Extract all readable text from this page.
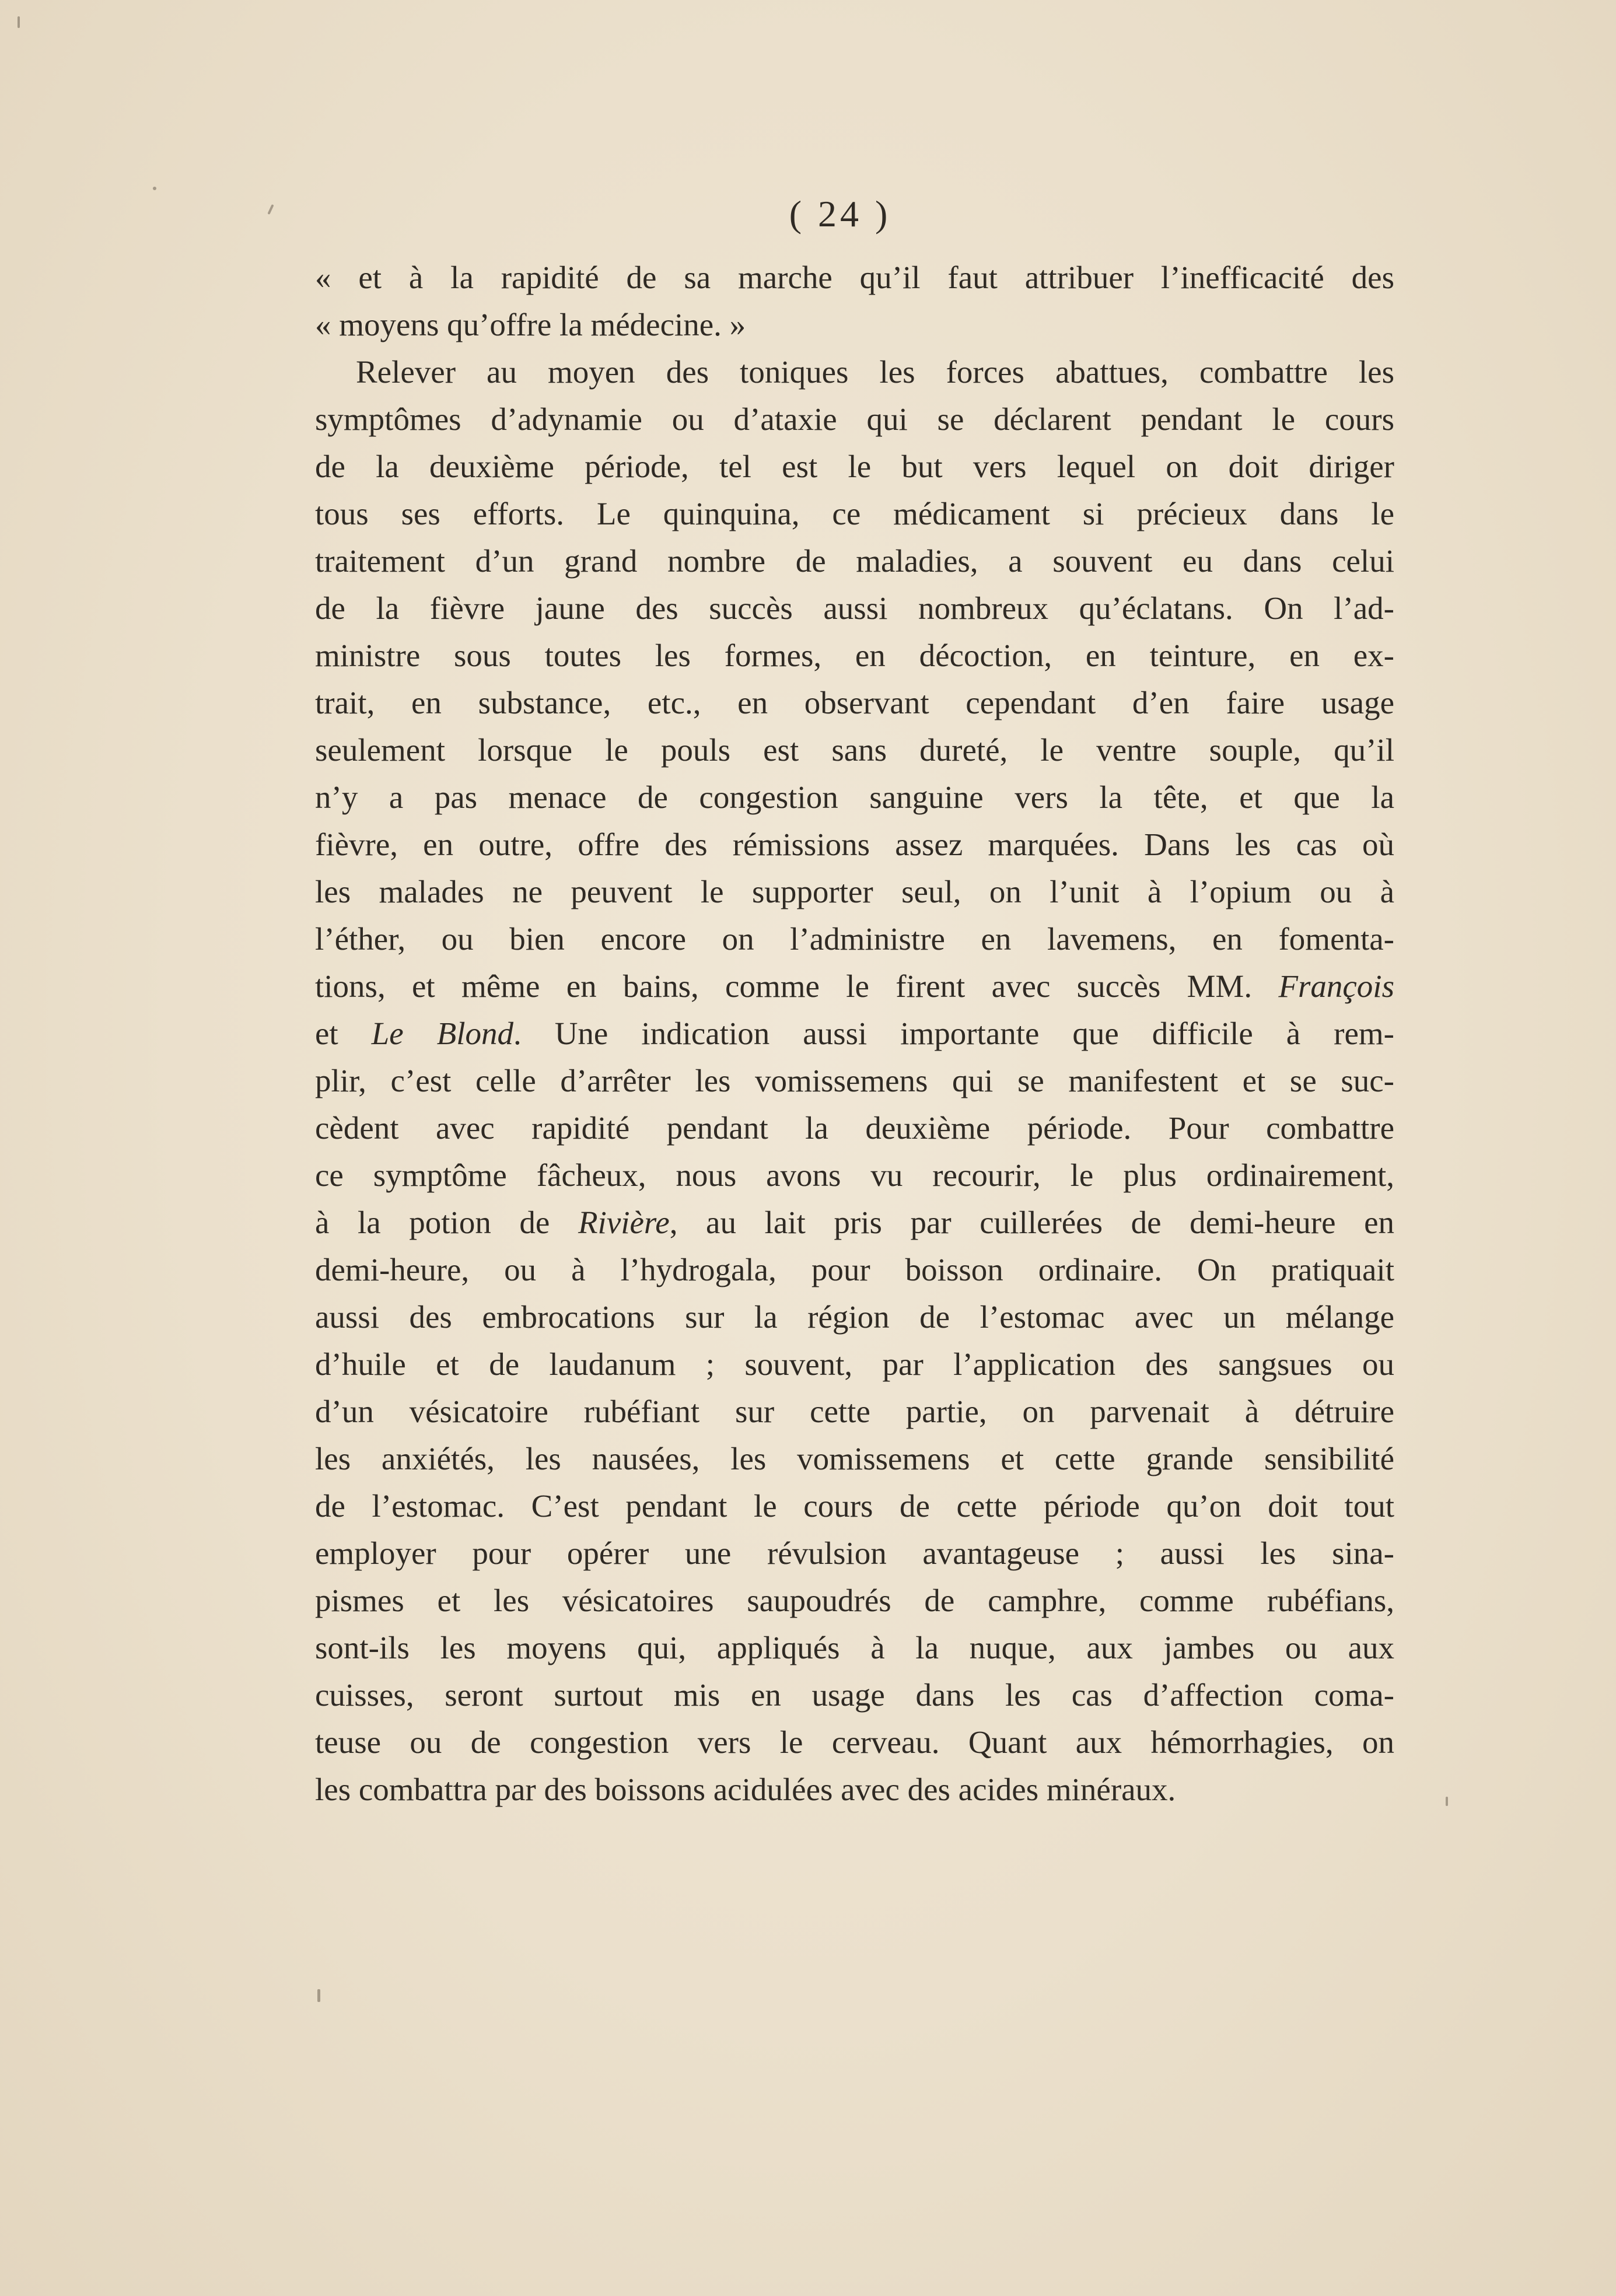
( 24 )
« et à la rapidité de sa marche qu’il faut attribuer l’inefficacité des
« moyens qu’offre la médecine. »
Relever au moyen des toniques les forces abattues, combattre les
symptômes d’adynamie ou d’ataxie qui se déclarent pendant le cours
de la deuxième période, tel est le but vers lequel on doit diriger
tous ses efforts. Le quinquina, ce médicament si précieux dans le
traitement d’un grand nombre de maladies, a souvent eu dans celui
de la fièvre jaune des succès aussi nombreux qu’éclatans. On l’ad-
ministre sous toutes les formes, en décoction, en teinture, en ex-
trait, en substance, etc., en observant cependant d’en faire usage
seulement lorsque le pouls est sans dureté, le ventre souple, qu’il
n’y a pas menace de congestion sanguine vers la tête, et que la
fièvre, en outre, offre des rémissions assez marquées. Dans les cas où
les malades ne peuvent le supporter seul, on l’unit à l’opium ou à
l’éther, ou bien encore on l’administre en lavemens, en fomenta-
tions, et même en bains, comme le firent avec succès MM. François
et Le Blond. Une indication aussi importante que difficile à rem-
plir, c’est celle d’arrêter les vomissemens qui se manifestent et se suc-
cèdent avec rapidité pendant la deuxième période. Pour combattre
ce symptôme fâcheux, nous avons vu recourir, le plus ordinairement,
à la potion de Rivière, au lait pris par cuillerées de demi-heure en
demi-heure, ou à l’hydrogala, pour boisson ordinaire. On pratiquait
aussi des embrocations sur la région de l’estomac avec un mélange
d’huile et de laudanum ; souvent, par l’application des sangsues ou
d’un vésicatoire rubéfiant sur cette partie, on parvenait à détruire
les anxiétés, les nausées, les vomissemens et cette grande sensibilité
de l’estomac. C’est pendant le cours de cette période qu’on doit tout
employer pour opérer une révulsion avantageuse ; aussi les sina-
pismes et les vésicatoires saupoudrés de camphre, comme rubéfians,
sont-ils les moyens qui, appliqués à la nuque, aux jambes ou aux
cuisses, seront surtout mis en usage dans les cas d’affection coma-
teuse ou de congestion vers le cerveau. Quant aux hémorrhagies, on
les combattra par des boissons acidulées avec des acides minéraux.
